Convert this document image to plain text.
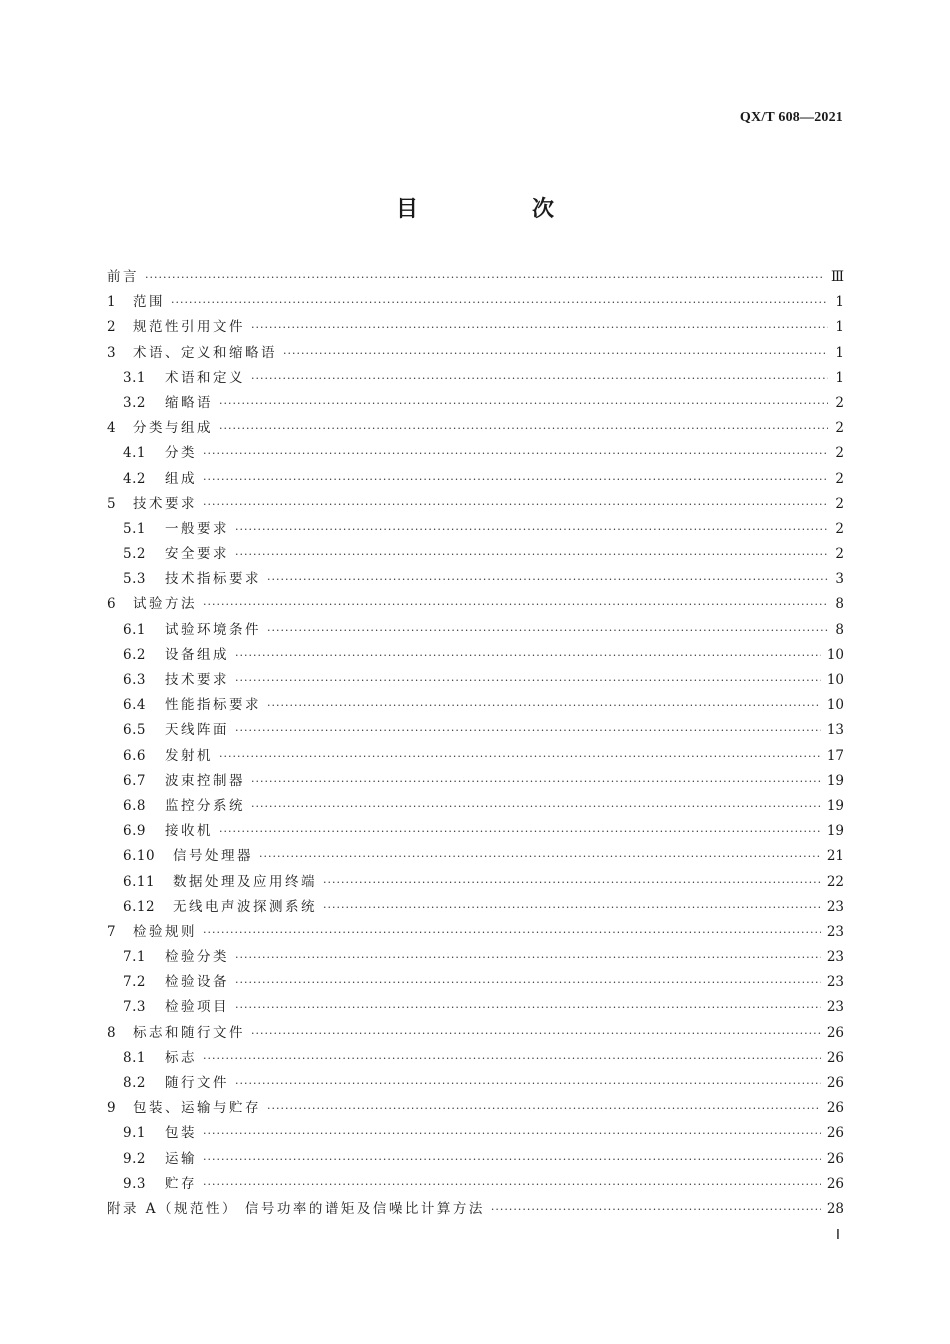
QX/T 608—2021
目　次
前言 ·····	Ⅲ
1	范围 ·····	1
2	规范性引用文件 ·····	1
3	术语、定义和缩略语 ·····	1
3.1	术语和定义 ·····	1
3.2	缩略语 ·····	2
4	分类与组成 ·····	2
4.1	分类 ·····	2
4.2	组成 ·····	2
5	技术要求 ·····	2
5.1	一般要求 ·····	2
5.2	安全要求 ·····	2
5.3	技术指标要求 ·····	3
6	试验方法 ·····	8
6.1	试验环境条件 ·····	8
6.2	设备组成 ·····	10
6.3	技术要求 ·····	10
6.4	性能指标要求 ·····	10
6.5	天线阵面 ·····	13
6.6	发射机 ·····	17
6.7	波束控制器 ·····	19
6.8	监控分系统 ·····	19
6.9	接收机 ·····	19
6.10	信号处理器 ·····	21
6.11	数据处理及应用终端 ·····	22
6.12	无线电声波探测系统 ·····	23
7	检验规则 ·····	23
7.1	检验分类 ·····	23
7.2	检验设备 ·····	23
7.3	检验项目 ·····	23
8	标志和随行文件 ·····	26
8.1	标志 ·····	26
8.2	随行文件 ·····	26
9	包装、运输与贮存 ·····	26
9.1	包装 ·····	26
9.2	运输 ·····	26
9.3	贮存 ·····	26
附录 A（规范性） 信号功率的谱矩及信噪比计算方法 ·····	28
Ⅰ
